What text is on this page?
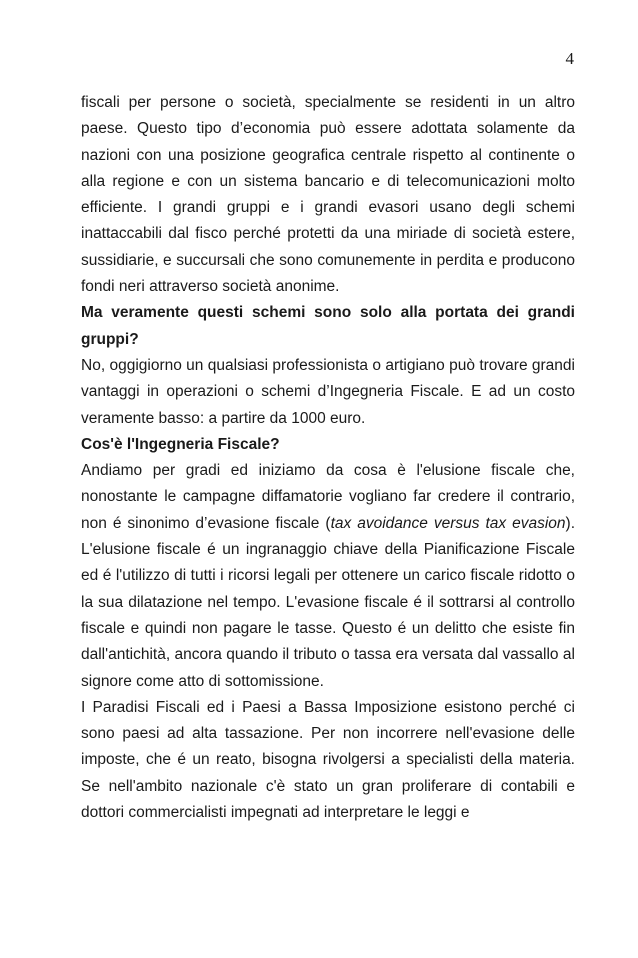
4

fiscali per persone o società, specialmente se residenti in un altro paese. Questo tipo d’economia può essere adottata solamente da nazioni con una posizione geografica centrale rispetto al continente o alla regione e con un sistema bancario e di telecomunicazioni molto efficiente. I grandi gruppi e i grandi evasori usano degli schemi inattaccabili dal fisco perché protetti da una miriade di società estere, sussidiarie, e succursali che sono comunemente in perdita e producono fondi neri attraverso società anonime.

Ma veramente questi schemi sono solo alla portata dei grandi gruppi?

No, oggigiorno un qualsiasi professionista o artigiano può trovare grandi vantaggi in operazioni o schemi d’Ingegneria Fiscale. E ad un costo veramente basso: a partire da 1000 euro.

Cos'è l'Ingegneria Fiscale?

Andiamo per gradi ed iniziamo da cosa è l'elusione fiscale che, nonostante le campagne diffamatorie vogliano far credere il contrario, non é sinonimo d’evasione fiscale (tax avoidance versus tax evasion). L'elusione fiscale é un ingranaggio chiave della Pianificazione Fiscale ed é l'utilizzo di tutti i ricorsi legali per ottenere un carico fiscale ridotto o la sua dilatazione nel tempo. L'evasione fiscale é il sottrarsi al controllo fiscale e quindi non pagare le tasse. Questo é un delitto che esiste fin dall'antichità, ancora quando il tributo o tassa era versata dal vassallo al signore come atto di sottomissione.

I Paradisi Fiscali ed i Paesi a Bassa Imposizione esistono perché ci sono paesi ad alta tassazione. Per non incorrere nell'evasione delle imposte, che é un reato, bisogna rivolgersi a specialisti della materia. Se nell'ambito nazionale c'è stato un gran proliferare di contabili e dottori commercialisti impegnati ad interpretare le leggi e
